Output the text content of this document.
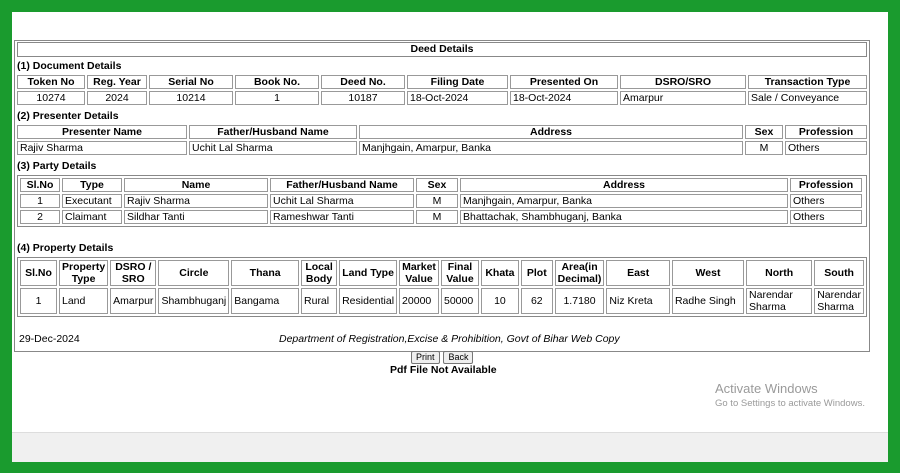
Deed Details
(1) Document Details
Token No	Reg. Year	Serial No	Book No.	Deed No.	Filing Date	Presented On	DSRO/SRO	Transaction Type
10274	2024	10214	1	10187	18-Oct-2024	18-Oct-2024	Amarpur	Sale / Conveyance
(2) Presenter Details
Presenter Name	Father/Husband Name	Address	Sex	Profession
Rajiv Sharma	Uchit Lal Sharma	Manjhgain, Amarpur, Banka	M	Others
(3) Party Details
Sl.No	Type	Name	Father/Husband Name	Sex	Address	Profession
1	Executant	Rajiv Sharma	Uchit Lal Sharma	M	Manjhgain, Amarpur, Banka	Others
2	Claimant	Sildhar Tanti	Rameshwar Tanti	M	Bhattachak, Shambhuganj, Banka	Others
(4) Property Details
Sl.No	Property Type	DSRO / SRO	Circle	Thana	Local Body	Land Type	Market Value	Final Value	Khata	Plot	Area(in Decimal)	East	West	North	South
1	Land	Amarpur	Shambhuganj	Bangama	Rural	Residential	20000	50000	10	62	1.7180	Niz Kreta	Radhe Singh	Narendar Sharma	Narendar Sharma
29-Dec-2024	Department of Registration,Excise & Prohibition, Govt of Bihar Web Copy
Print Back
Pdf File Not Available
Activate Windows
Go to Settings to activate Windows.
